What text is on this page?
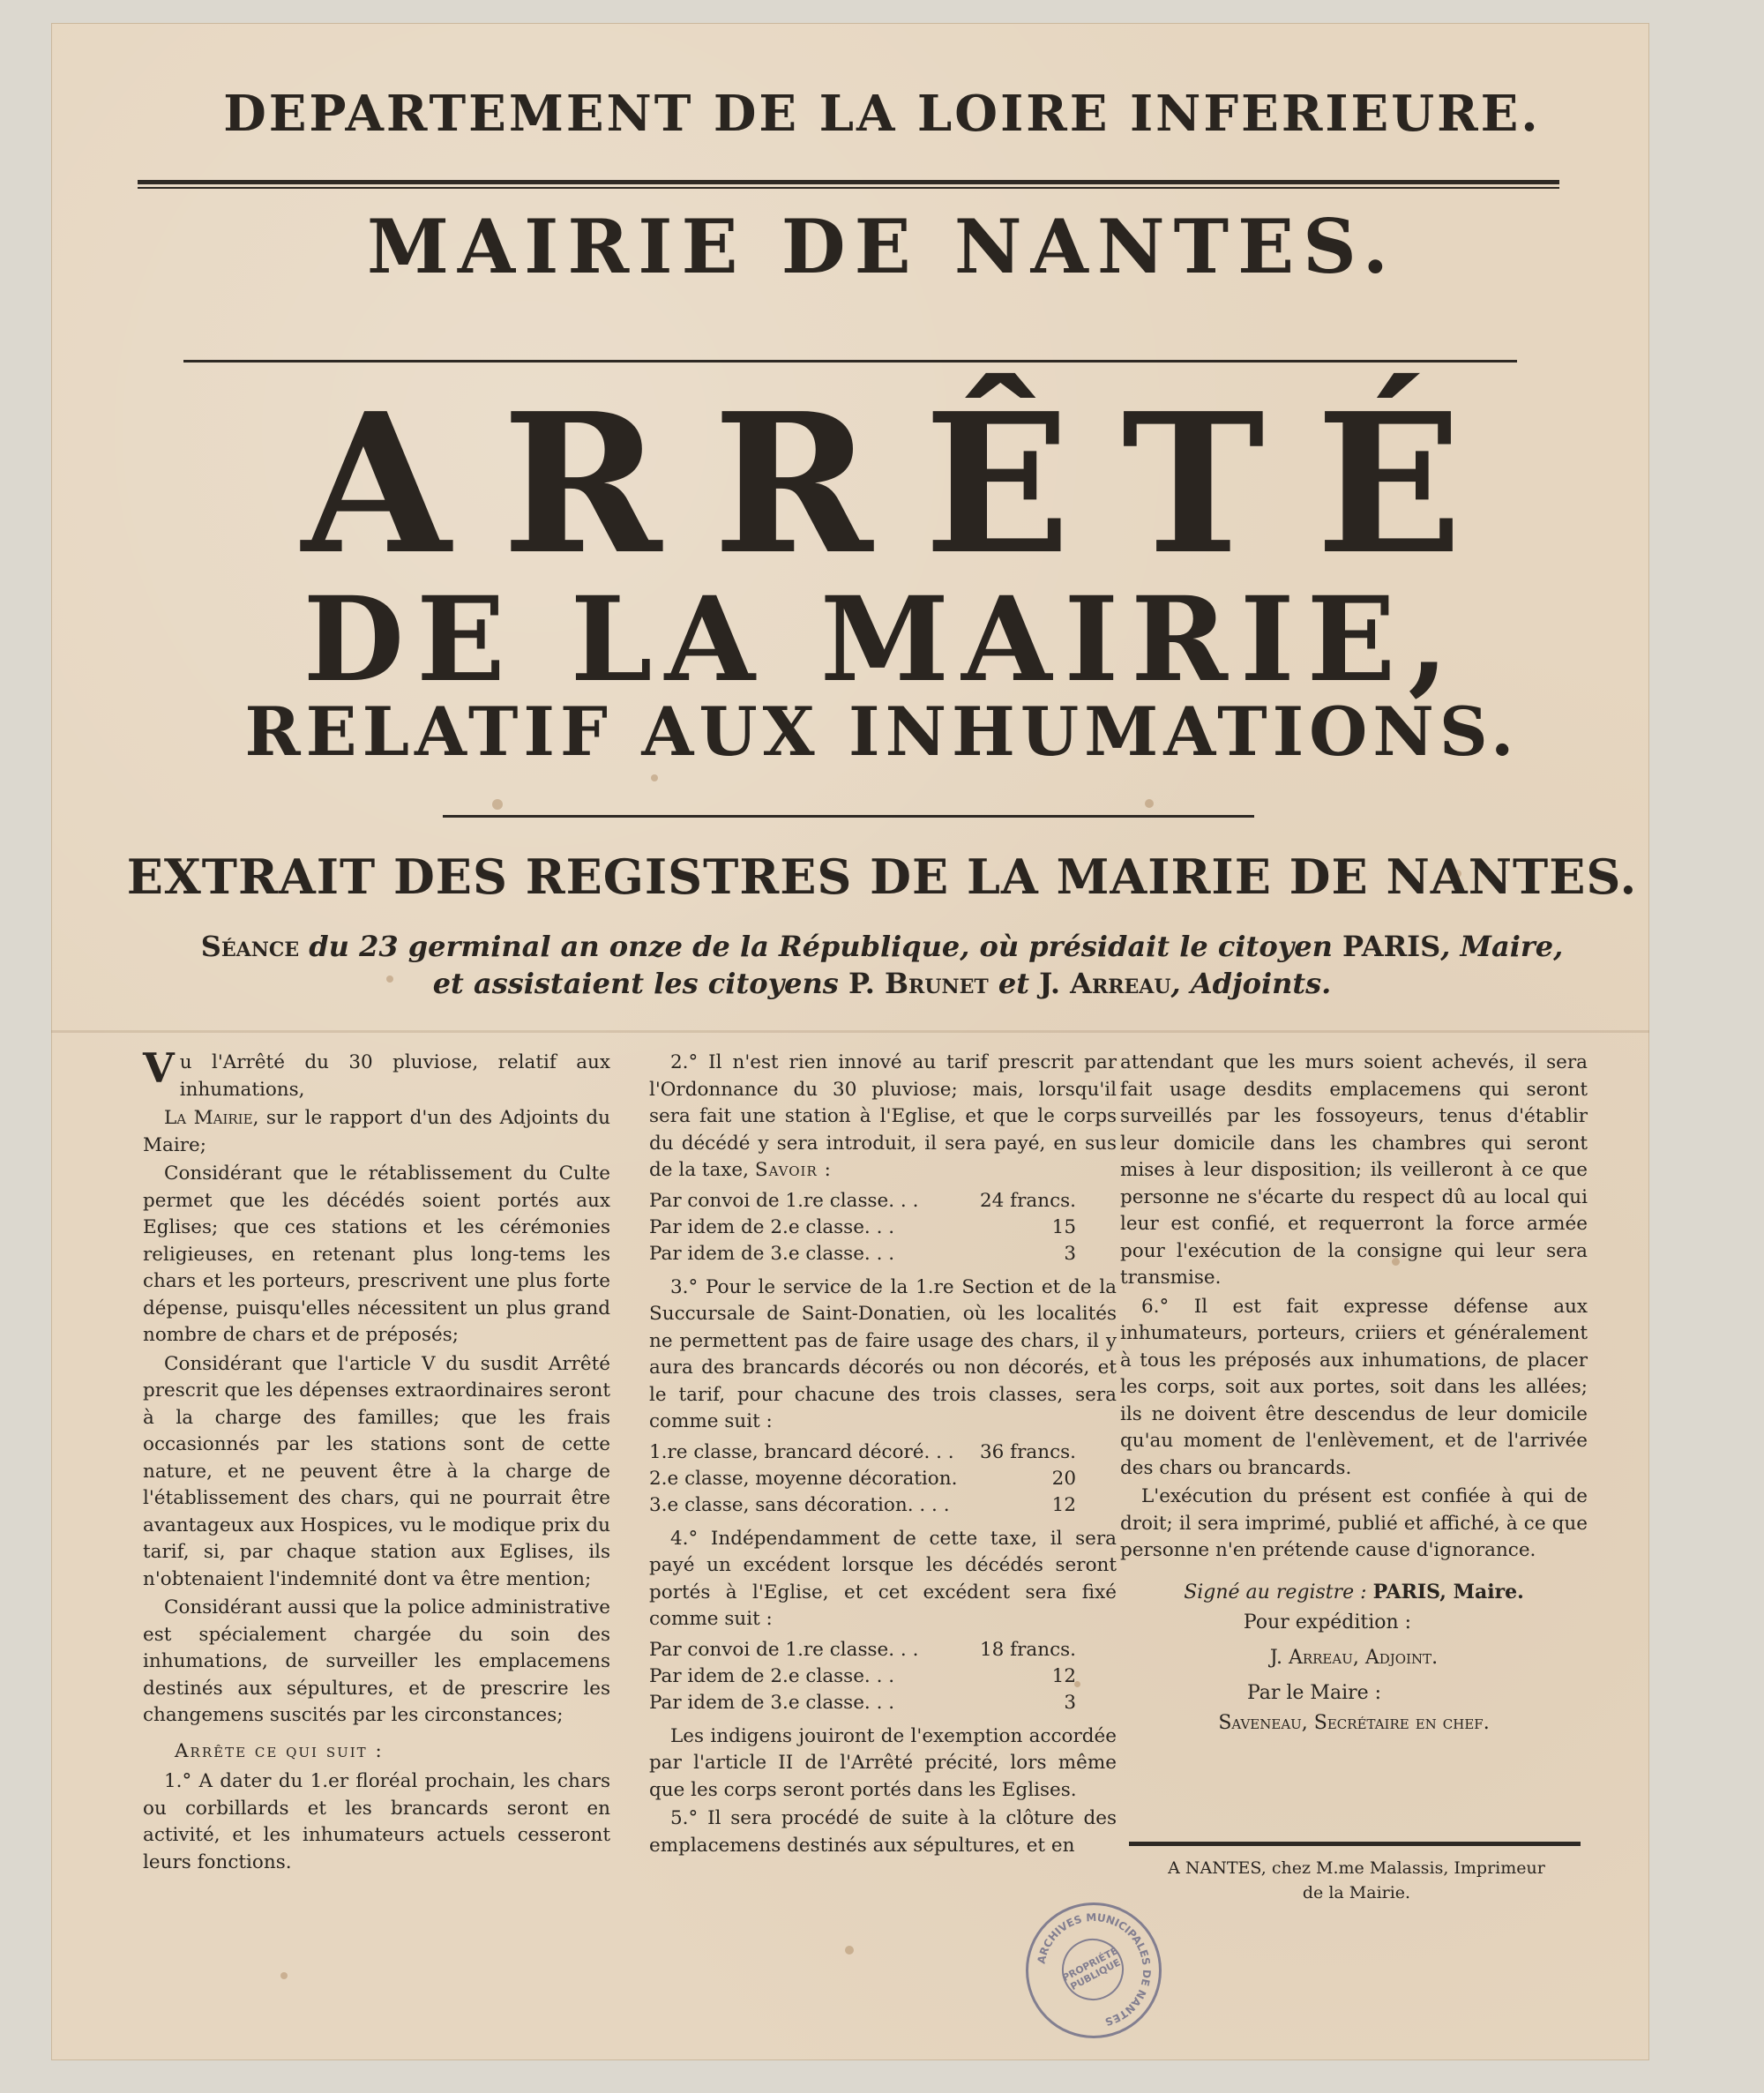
DEPARTEMENT DE LA LOIRE INFERIEURE.
MAIRIE DE NANTES.
ARRÊTÉ
DE LA MAIRIE,
RELATIF AUX INHUMATIONS.
EXTRAIT DES REGISTRES DE LA MAIRIE DE NANTES.
Séance du 23 germinal an onze de la République, où présidait le citoyen PARIS, Maire,
et assistaient les citoyens P. Brunet et J. Arreau, Adjoints.

Vu l'Arrêté du 30 pluviose, relatif aux inhumations,

La Mairie, sur le rapport d'un des Adjoints du Maire;

Considérant que le rétablissement du Culte permet que les décédés soient portés aux Eglises; que ces stations et les cérémonies religieuses, en retenant plus long-tems les chars et les porteurs, prescrivent une plus forte dépense, puisqu'elles nécessitent un plus grand nombre de chars et de préposés;

Considérant que l'article V du susdit Arrêté prescrit que les dépenses extraordinaires seront à la charge des familles; que les frais occasionnés par les stations sont de cette nature, et ne peuvent être à la charge de l'établissement des chars, qui ne pourrait être avantageux aux Hospices, vu le modique prix du tarif, si, par chaque station aux Eglises, ils n'obtenaient l'indemnité dont va être mention;

Considérant aussi que la police administrative est spécialement chargée du soin des inhumations, de surveiller les emplacemens destinés aux sépultures, et de prescrire les changemens suscités par les circonstances;

Arrête ce qui suit :

1.° A dater du 1.er floréal prochain, les chars ou corbillards et les brancards seront en activité, et les inhumateurs actuels cesseront leurs fonctions.

2.° Il n'est rien innové au tarif prescrit par l'Ordonnance du 30 pluviose; mais, lorsqu'il sera fait une station à l'Eglise, et que le corps du décédé y sera introduit, il sera payé, en sus de la taxe, Savoir :

Par convoi de 1.re classe. . .	24 francs.
Par idem de 2.e classe. . .	15
Par idem de 3.e classe. . .	3

3.° Pour le service de la 1.re Section et de la Succursale de Saint-Donatien, où les localités ne permettent pas de faire usage des chars, il y aura des brancards décorés ou non décorés, et le tarif, pour chacune des trois classes, sera comme suit :

1.re classe, brancard décoré. . .	36 francs.
2.e classe, moyenne décoration.	20
3.e classe, sans décoration. . . .	12

4.° Indépendamment de cette taxe, il sera payé un excédent lorsque les décédés seront portés à l'Eglise, et cet excédent sera fixé comme suit :

Par convoi de 1.re classe. . .	18 francs.
Par idem de 2.e classe. . .	12
Par idem de 3.e classe. . .	3

Les indigens jouiront de l'exemption accordée par l'article II de l'Arrêté précité, lors même que les corps seront portés dans les Eglises.

5.° Il sera procédé de suite à la clôture des emplacemens destinés aux sépultures, et en

attendant que les murs soient achevés, il sera fait usage desdits emplacemens qui seront surveillés par les fossoyeurs, tenus d'établir leur domicile dans les chambres qui seront mises à leur disposition; ils veilleront à ce que personne ne s'écarte du respect dû au local qui leur est confié, et requerront la force armée pour l'exécution de la consigne qui leur sera transmise.

6.° Il est fait expresse défense aux inhumateurs, porteurs, criiers et généralement à tous les préposés aux inhumations, de placer les corps, soit aux portes, soit dans les allées; ils ne doivent être descendus de leur domicile qu'au moment de l'enlèvement, et de l'arrivée des chars ou brancards.

L'exécution du présent est confiée à qui de droit; il sera imprimé, publié et affiché, à ce que personne n'en prétende cause d'ignorance.

Signé au registre : PARIS, Maire.
Pour expédition :
J. Arreau, Adjoint.
Par le Maire :
Saveneau, Secrétaire en chef.
A NANTES, chez M.me Malassis, Imprimeur
de la Mairie.
ARCHIVES MUNICIPALES DE NANTES
PROPRIÉTÉ PUBLIQUE
